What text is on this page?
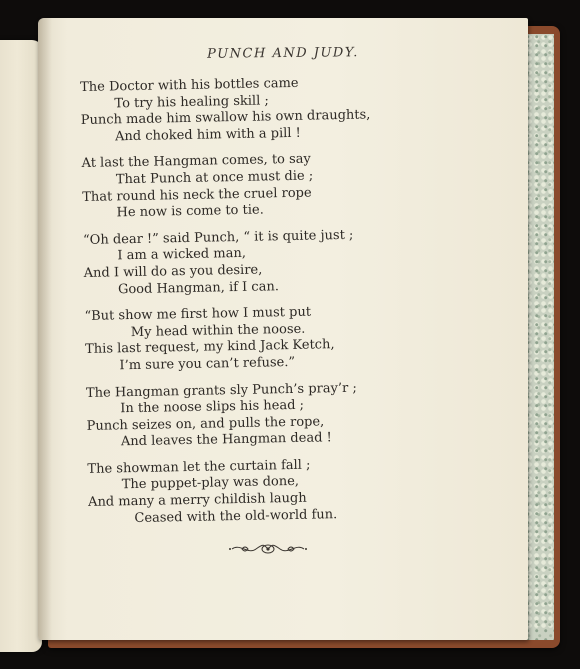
PUNCH AND JUDY.
The Doctor with his bottles came
To try his healing skill ;
Punch made him swallow his own draughts,
And choked him with a pill !
At last the Hangman comes, to say
That Punch at once must die ;
That round his neck the cruel rope
He now is come to tie.
“Oh dear !” said Punch, “ it is quite just ;
I am a wicked man,
And I will do as you desire,
Good Hangman, if I can.
“But show me first how I must put
My head within the noose.
This last request, my kind Jack Ketch,
I’m sure you can’t refuse.”
The Hangman grants sly Punch’s pray’r ;
In the noose slips his head ;
Punch seizes on, and pulls the rope,
And leaves the Hangman dead !
The showman let the curtain fall ;
The puppet-play was done,
And many a merry childish laugh
Ceased with the old-world fun.
